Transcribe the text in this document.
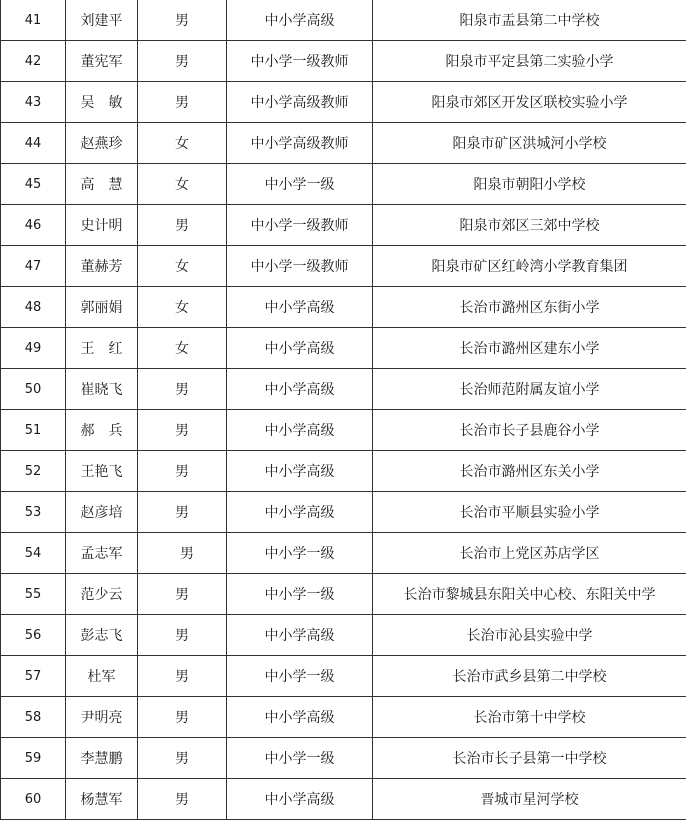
41	刘建平	男	中小学高级	阳泉市盂县第二中学校
42	董宪军	男	中小学一级教师	阳泉市平定县第二实验小学
43	吴　敏	男	中小学高级教师	阳泉市郊区开发区联校实验小学
44	赵燕珍	女	中小学高级教师	阳泉市矿区洪城河小学校
45	高　慧	女	中小学一级	阳泉市朝阳小学校
46	史计明	男	中小学一级教师	阳泉市郊区三郊中学校
47	董赫芳	女	中小学一级教师	阳泉市矿区红岭湾小学教育集团
48	郭丽娟	女	中小学高级	长治市潞州区东街小学
49	王　红	女	中小学高级	长治市潞州区建东小学
50	崔晓飞	男	中小学高级	长治师范附属友谊小学
51	郝　兵	男	中小学高级	长治市长子县鹿谷小学
52	王艳飞	男	中小学高级	长治市潞州区东关小学
53	赵彦培	男	中小学高级	长治市平顺县实验小学
54	孟志军	男	中小学一级	长治市上党区苏店学区
55	范少云	男	中小学一级	长治市黎城县东阳关中心校、东阳关中学
56	彭志飞	男	中小学高级	长治市沁县实验中学
57	杜军	男	中小学一级	长治市武乡县第二中学校
58	尹明亮	男	中小学高级	长治市第十中学校
59	李慧鹏	男	中小学一级	长治市长子县第一中学校
60	杨慧军	男	中小学高级	晋城市星河学校
